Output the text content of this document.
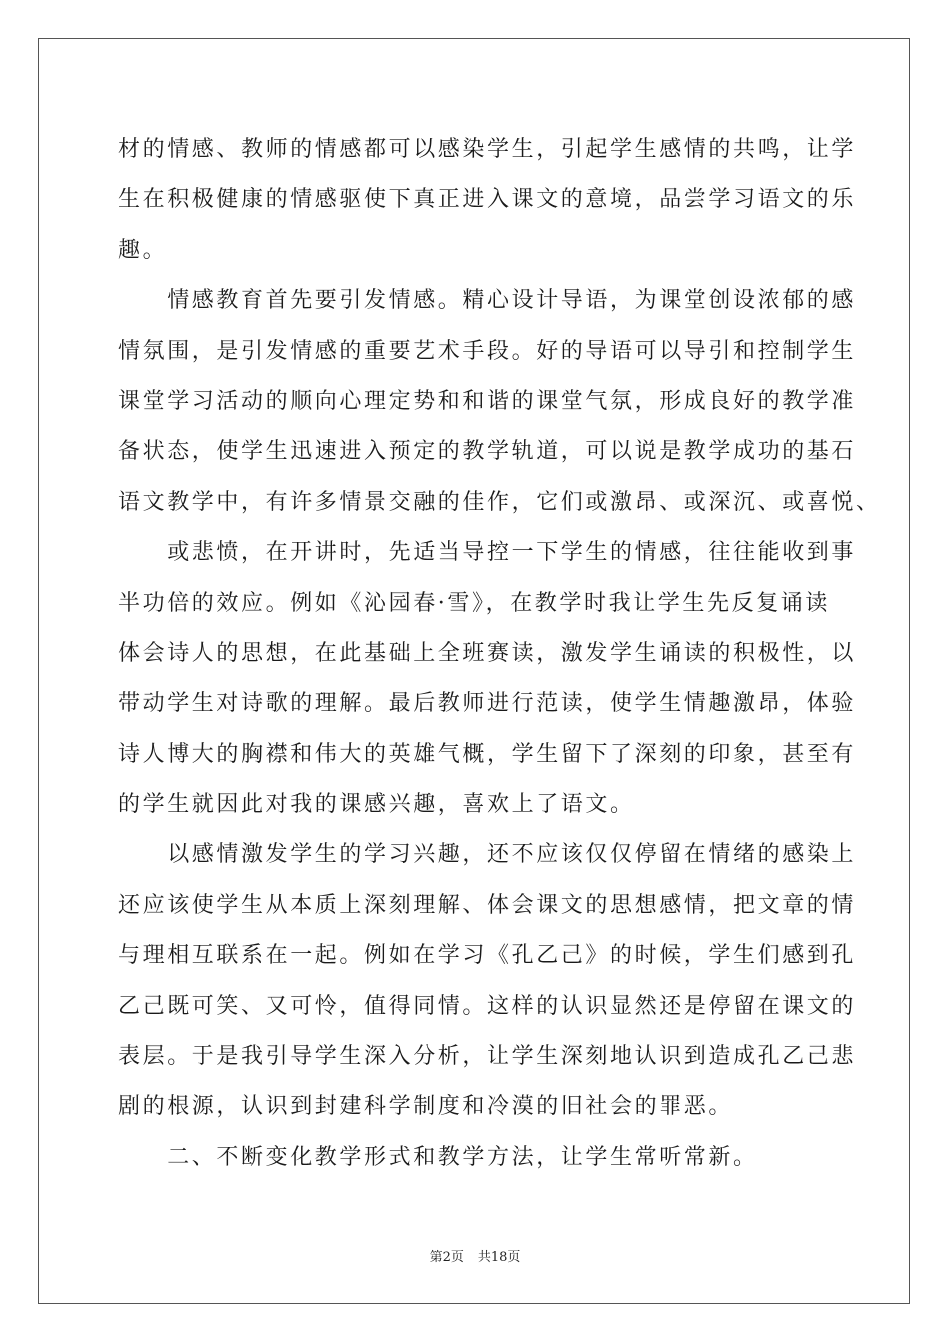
材的情感、教师的情感都可以感染学生，引起学生感情的共鸣，让学
生在积极健康的情感驱使下真正进入课文的意境，品尝学习语文的乐
趣。
　　情感教育首先要引发情感。精心设计导语，为课堂创设浓郁的感
情氛围，是引发情感的重要艺术手段。好的导语可以导引和控制学生
课堂学习活动的顺向心理定势和和谐的课堂气氛，形成良好的教学准
备状态，使学生迅速进入预定的教学轨道，可以说是教学成功的基石
语文教学中，有许多情景交融的佳作，它们或激昂、或深沉、或喜悦、
　　或悲愤，在开讲时，先适当导控一下学生的情感，往往能收到事
半功倍的效应。例如《沁园春·雪》，在教学时我让学生先反复诵读
体会诗人的思想，在此基础上全班赛读，激发学生诵读的积极性，以
带动学生对诗歌的理解。最后教师进行范读，使学生情趣激昂，体验
诗人博大的胸襟和伟大的英雄气概，学生留下了深刻的印象，甚至有
的学生就因此对我的课感兴趣，喜欢上了语文。
　　以感情激发学生的学习兴趣，还不应该仅仅停留在情绪的感染上
还应该使学生从本质上深刻理解、体会课文的思想感情，把文章的情
与理相互联系在一起。例如在学习《孔乙己》的时候，学生们感到孔
乙己既可笑、又可怜，值得同情。这样的认识显然还是停留在课文的
表层。于是我引导学生深入分析，让学生深刻地认识到造成孔乙己悲
剧的根源，认识到封建科学制度和冷漠的旧社会的罪恶。
　　二、不断变化教学形式和教学方法，让学生常听常新。
第2页 共18页
